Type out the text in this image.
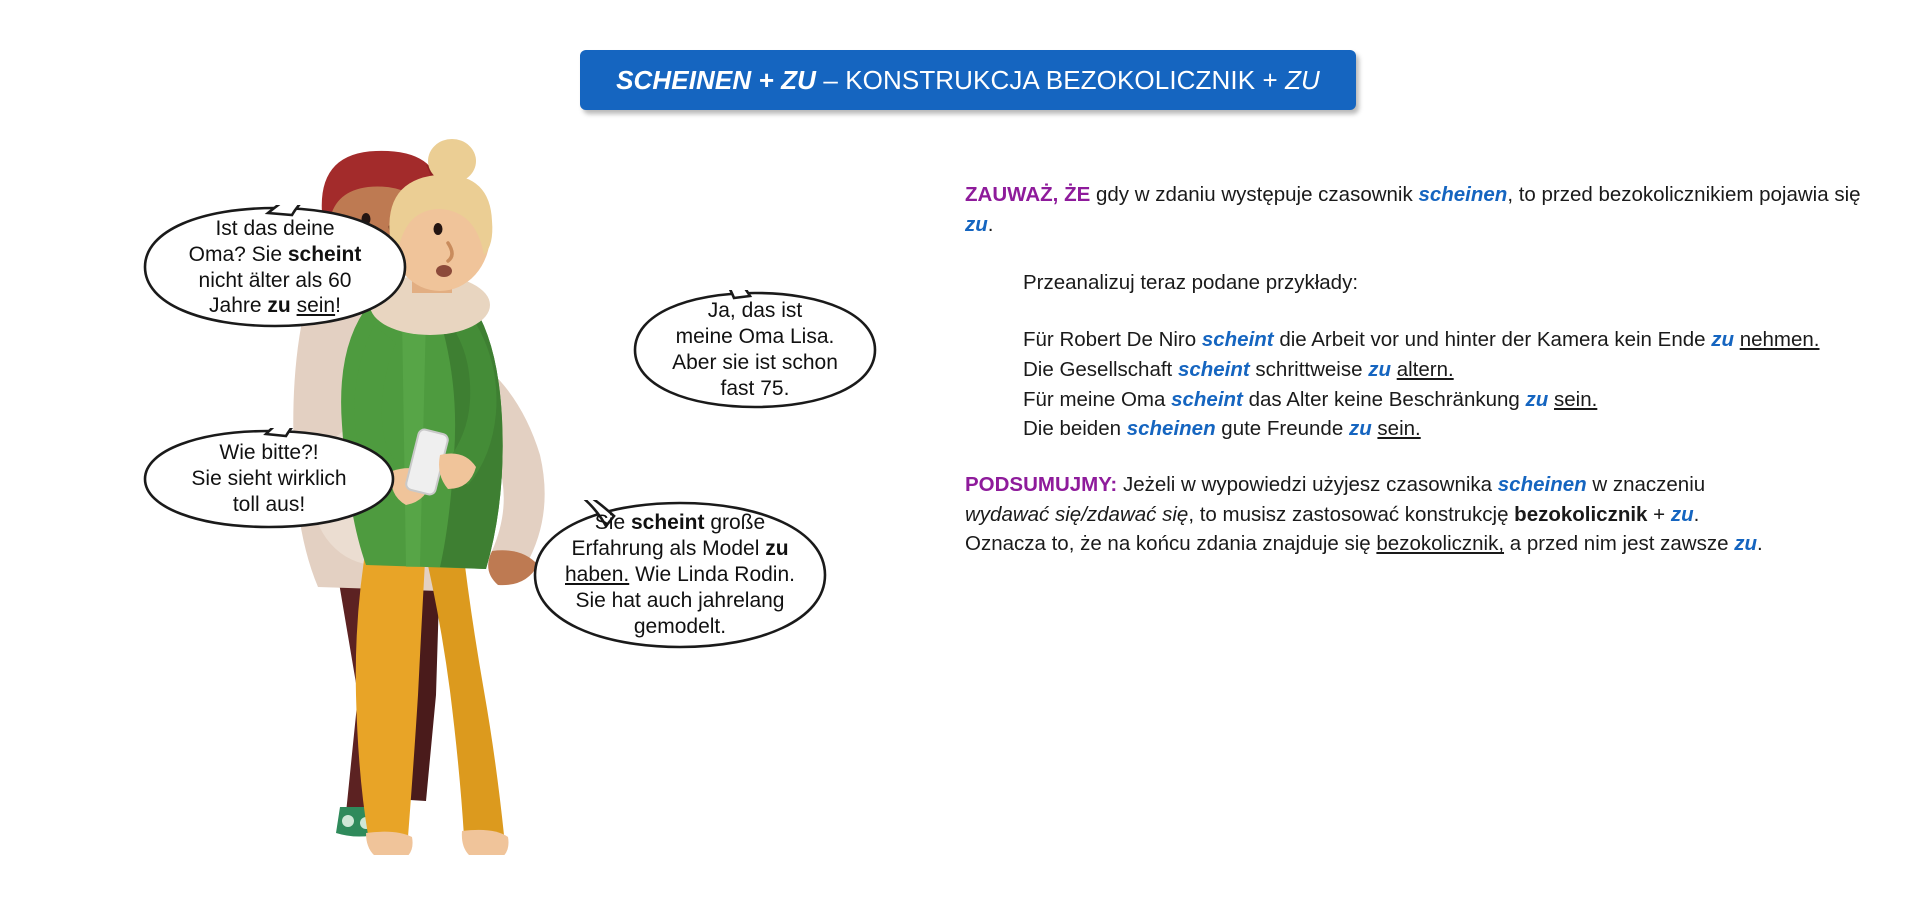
SCHEINEN + ZU – KONSTRUKCJA BEZOKOLICZNIK + ZU
Ist das deine
Oma? Sie scheint
nicht älter als 60
Jahre zu sein!	Ja, das ist
meine Oma Lisa.
Aber sie ist schon
fast 75.
Wie bitte?!
Sie sieht wirklich
toll aus!
Sie scheint große
Erfahrung als Model zu
haben. Wie Linda Rodin.
Sie hat auch jahrelang
gemodelt.

ZAUWAŻ, ŻE gdy w zdaniu występuje czasownik scheinen, to przed bezokolicznikiem pojawia się zu.

Przeanalizuj teraz podane przykłady:

Für Robert De Niro scheint die Arbeit vor und hinter der Kamera kein Ende zu nehmen.

Die Gesellschaft scheint schrittweise zu altern.

Für meine Oma scheint das Alter keine Beschränkung zu sein.

Die beiden scheinen gute Freunde zu sein.

PODSUMUJMY: Jeżeli w wypowiedzi użyjesz czasownika scheinen w znaczeniu

wydawać się/zdawać się, to musisz zastosować konstrukcję bezokolicznik + zu.

Oznacza to, że na końcu zdania znajduje się bezokolicznik, a przed nim jest zawsze zu.
